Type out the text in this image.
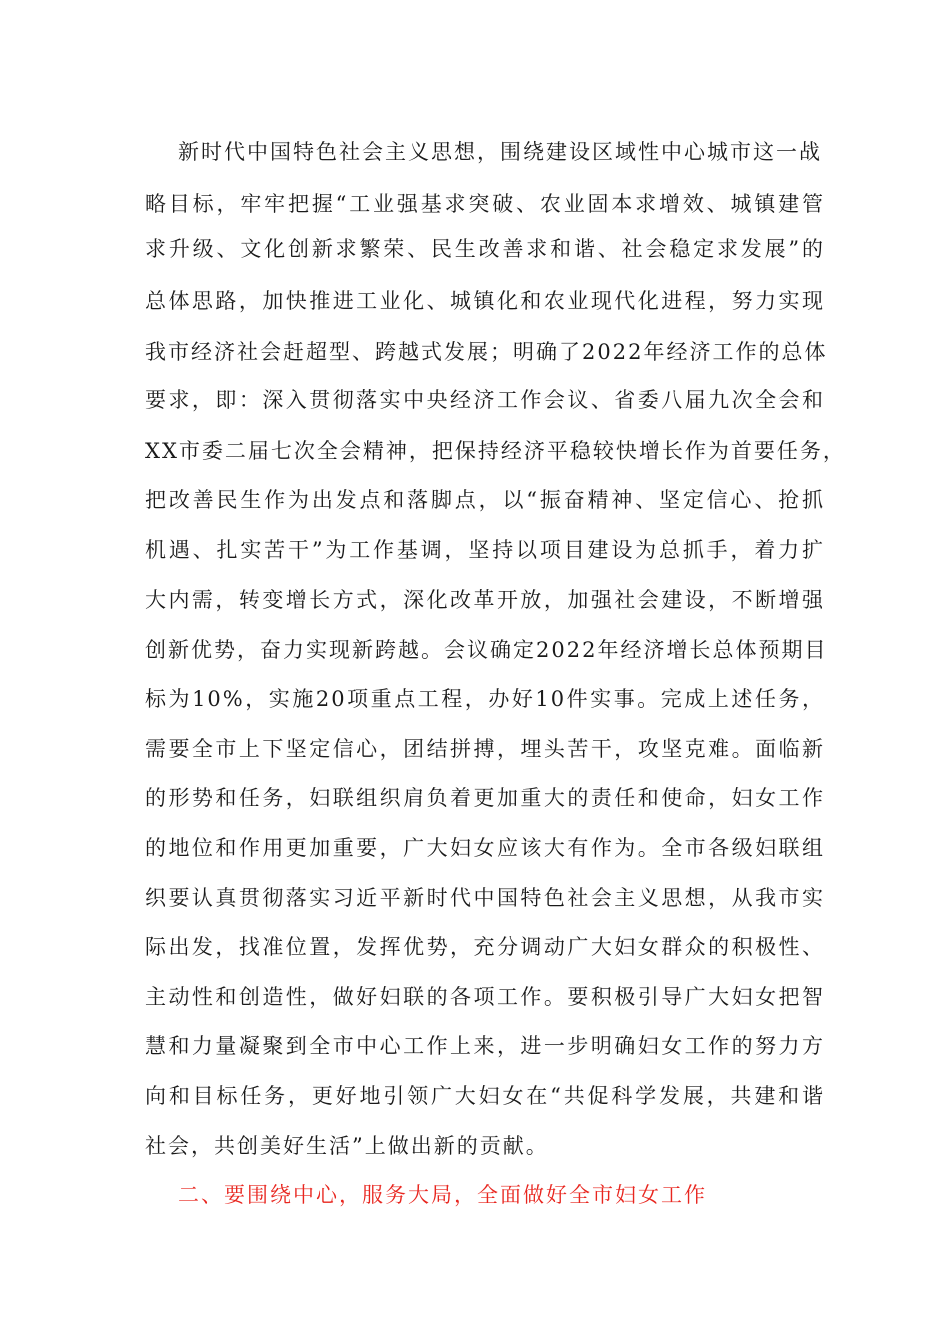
新时代中国特色社会主义思想，围绕建设区域性中心城市这一战
略目标，牢牢把握“工业强基求突破、农业固本求增效、城镇建管
求升级、文化创新求繁荣、民生改善求和谐、社会稳定求发展”的
总体思路，加快推进工业化、城镇化和农业现代化进程，努力实现
我市经济社会赶超型、跨越式发展；明确了2022年经济工作的总体
要求，即：深入贯彻落实中央经济工作会议、省委八届九次全会和
XX市委二届七次全会精神，把保持经济平稳较快增长作为首要任务，
把改善民生作为出发点和落脚点，以“振奋精神、坚定信心、抢抓
机遇、扎实苦干”为工作基调，坚持以项目建设为总抓手，着力扩
大内需，转变增长方式，深化改革开放，加强社会建设，不断增强
创新优势，奋力实现新跨越。会议确定2022年经济增长总体预期目
标为10%，实施20项重点工程，办好10件实事。完成上述任务，
需要全市上下坚定信心，团结拼搏，埋头苦干，攻坚克难。面临新
的形势和任务，妇联组织肩负着更加重大的责任和使命，妇女工作
的地位和作用更加重要，广大妇女应该大有作为。全市各级妇联组
织要认真贯彻落实习近平新时代中国特色社会主义思想，从我市实
际出发，找准位置，发挥优势，充分调动广大妇女群众的积极性、
主动性和创造性，做好妇联的各项工作。要积极引导广大妇女把智
慧和力量凝聚到全市中心工作上来，进一步明确妇女工作的努力方
向和目标任务，更好地引领广大妇女在“共促科学发展，共建和谐
社会，共创美好生活”上做出新的贡献。
二、要围绕中心，服务大局，全面做好全市妇女工作
